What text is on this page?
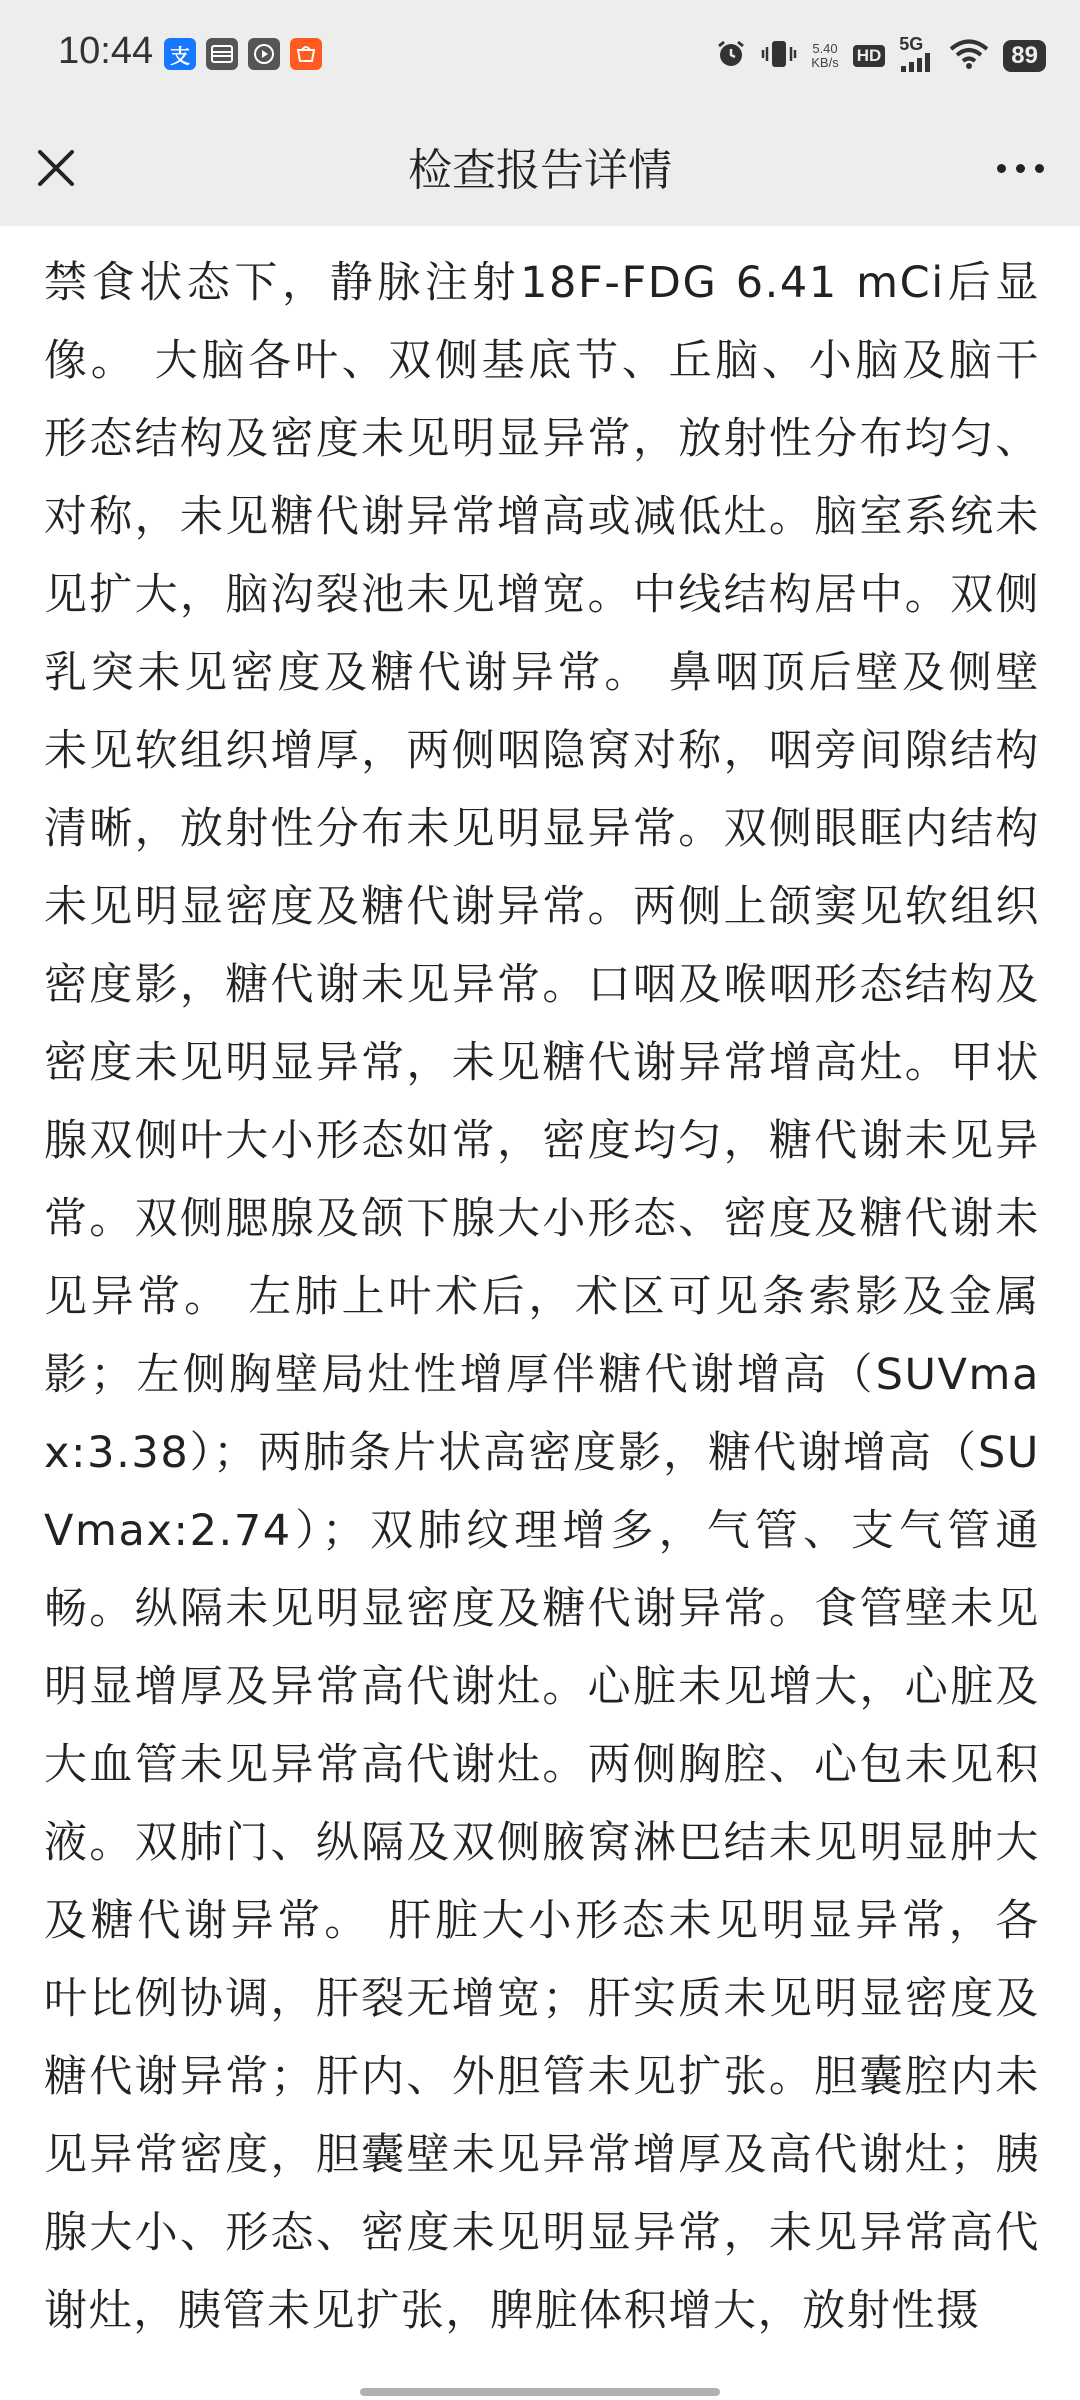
10:44 支	5.40
KB/s HD
5G	89
检查报告详情

禁食状态下，静脉注射18F-FDG 6.41 mCi后显像。 大脑各叶、双侧基底节、丘脑、小脑及脑干形态结构及密度未见明显异常，放射性分布均匀、对称，未见糖代谢异常增高或减低灶。脑室系统未见扩大，脑沟裂池未见增宽。中线结构居中。双侧乳突未见密度及糖代谢异常。 鼻咽顶后壁及侧壁未见软组织增厚，两侧咽隐窝对称，咽旁间隙结构清晰，放射性分布未见明显异常。双侧眼眶内结构未见明显密度及糖代谢异常。两侧上颌窦见软组织密度影，糖代谢未见异常。口咽及喉咽形态结构及密度未见明显异常，未见糖代谢异常增高灶。甲状腺双侧叶大小形态如常，密度均匀，糖代谢未见异常。双侧腮腺及颌下腺大小形态、密度及糖代谢未见异常。 左肺上叶术后，术区可见条索影及金属影；左侧胸壁局灶性增厚伴糖代谢增高（SUVmax:3.38）；两肺条片状高密度影，糖代谢增高（SUVmax:2.74）；双肺纹理增多，气管、支气管通畅。纵隔未见明显密度及糖代谢异常。食管壁未见明显增厚及异常高代谢灶。心脏未见增大，心脏及大血管未见异常高代谢灶。两侧胸腔、心包未见积液。双肺门、纵隔及双侧腋窝淋巴结未见明显肿大及糖代谢异常。 肝脏大小形态未见明显异常，各叶比例协调，肝裂无增宽；肝实质未见明显密度及糖代谢异常；肝内、外胆管未见扩张。胆囊腔内未见异常密度，胆囊壁未见异常增厚及高代谢灶；胰腺大小、形态、密度未见明显异常，未见异常高代谢灶，胰管未见扩张，脾脏体积增大，放射性摄
